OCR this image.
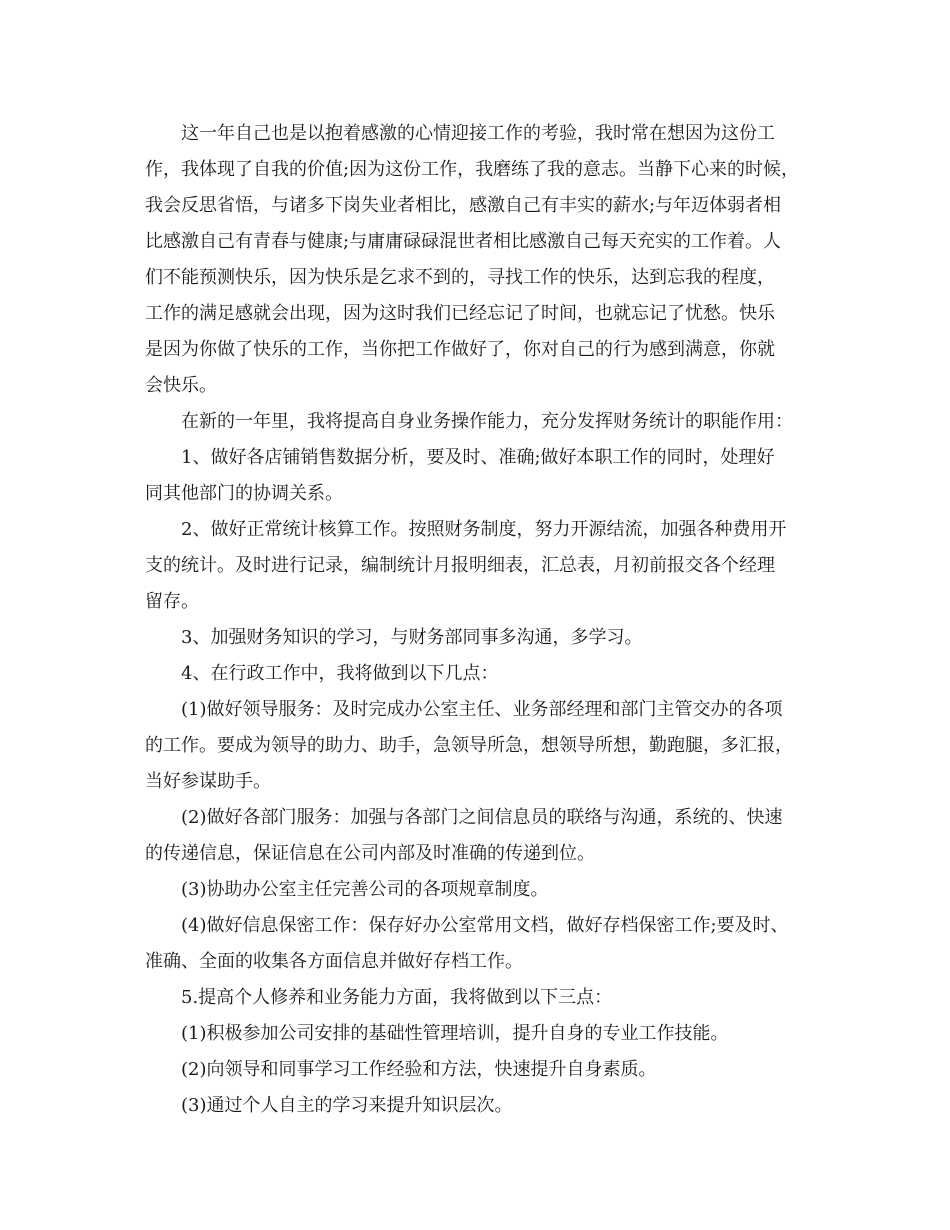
这一年自己也是以抱着感激的心情迎接工作的考验，我时常在想因为这份工

作，我体现了自我的价值;因为这份工作，我磨练了我的意志。当静下心来的时候，

我会反思省悟，与诸多下岗失业者相比，感激自己有丰实的薪水;与年迈体弱者相

比感激自己有青春与健康;与庸庸碌碌混世者相比感激自己每天充实的工作着。人

们不能预测快乐，因为快乐是乞求不到的，寻找工作的快乐，达到忘我的程度，

工作的满足感就会出现，因为这时我们已经忘记了时间，也就忘记了忧愁。快乐

是因为你做了快乐的工作，当你把工作做好了，你对自己的行为感到满意，你就

会快乐。

在新的一年里，我将提高自身业务操作能力，充分发挥财务统计的职能作用：

1、做好各店铺销售数据分析，要及时、准确;做好本职工作的同时，处理好

同其他部门的协调关系。

2、做好正常统计核算工作。按照财务制度，努力开源结流，加强各种费用开

支的统计。及时进行记录，编制统计月报明细表，汇总表，月初前报交各个经理

留存。

3、加强财务知识的学习，与财务部同事多沟通，多学习。

4、在行政工作中，我将做到以下几点：

(1)做好领导服务：及时完成办公室主任、业务部经理和部门主管交办的各项

的工作。要成为领导的助力、助手，急领导所急，想领导所想，勤跑腿，多汇报，

当好参谋助手。

(2)做好各部门服务：加强与各部门之间信息员的联络与沟通，系统的、快速

的传递信息，保证信息在公司内部及时准确的传递到位。

(3)协助办公室主任完善公司的各项规章制度。

(4)做好信息保密工作：保存好办公室常用文档，做好存档保密工作;要及时、

准确、全面的收集各方面信息并做好存档工作。

5.提高个人修养和业务能力方面，我将做到以下三点：

(1)积极参加公司安排的基础性管理培训，提升自身的专业工作技能。

(2)向领导和同事学习工作经验和方法，快速提升自身素质。

(3)通过个人自主的学习来提升知识层次。
